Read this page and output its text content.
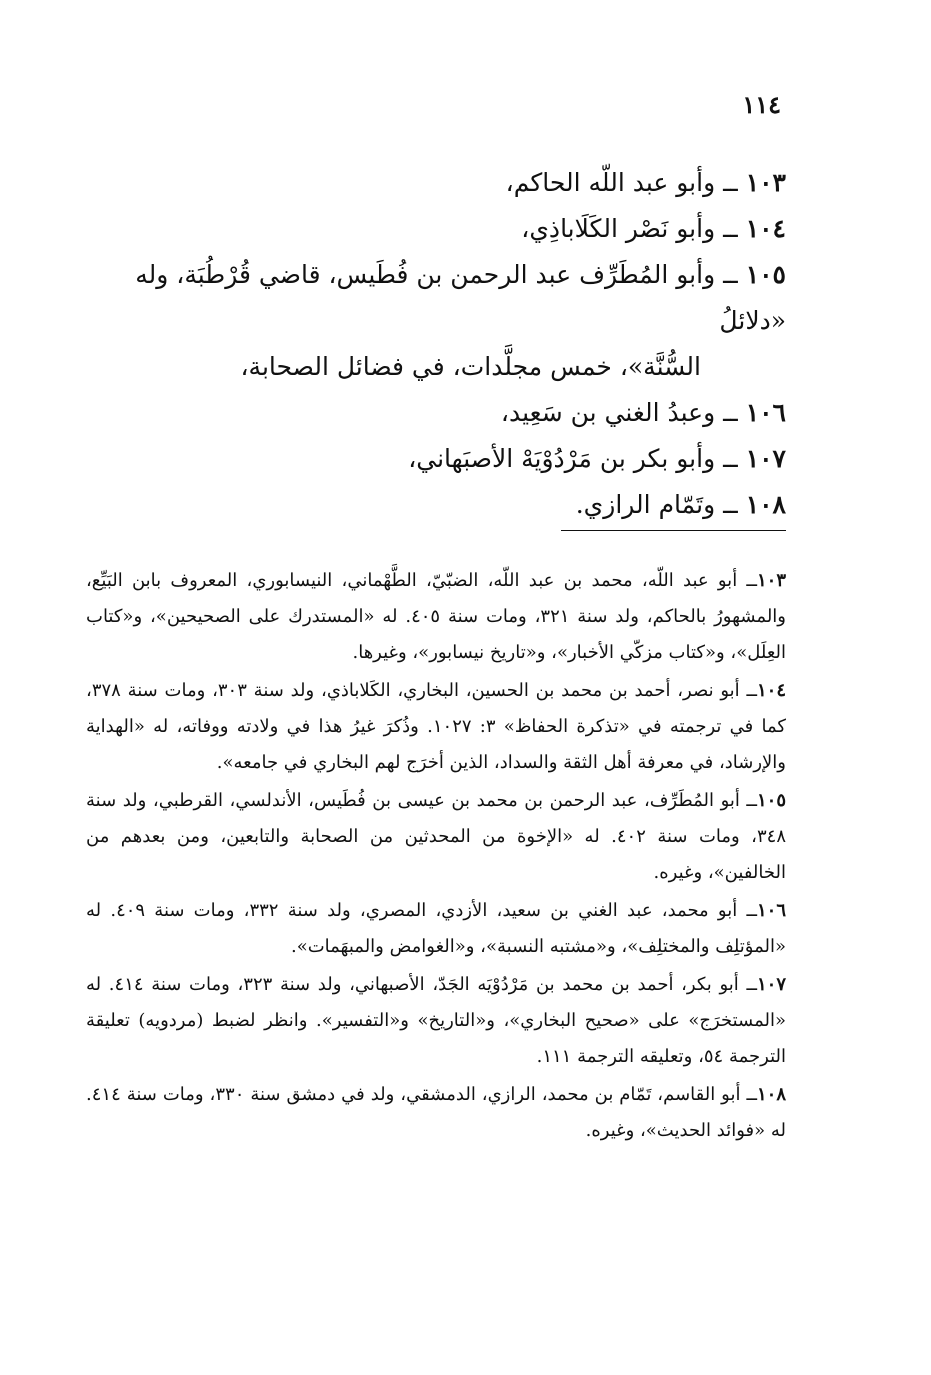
١١٤

١٠٣ ــ وأبو عبد اللّه الحاكم،

١٠٤ ــ وأبو نَصْر الكَلَاباذِي،

١٠٥ ــ وأبو المُطَرِّف عبد الرحمن بن فُطَيس، قاضي قُرْطُبَة، وله «دلائلُ
السُّنَّة»، خمس مجلَّدات، في فضائل الصحابة،

١٠٦ ــ وعبدُ الغني بن سَعِيد،

١٠٧ ــ وأبو بكر بن مَرْدُوْيَهْ الأصبَهاني،

١٠٨ ــ وتَمّام الرازي.

١٠٣ــ أبو عبد اللّه، محمد بن عبد اللّه، الضبّيّ، الطَّهْماني، النيسابوري، المعروف بابن البَيِّع، والمشهورُ بالحاكم، ولد سنة ٣٢١، ومات سنة ٤٠٥. له «المستدرك على الصحيحين»، و«كتاب العِلَل»، و«كتاب مزكّي الأخبار»، و«تاريخ نيسابور»، وغيرها.

١٠٤ــ أبو نصر، أحمد بن محمد بن الحسين، البخاري، الكَلاباذي، ولد سنة ٣٠٣، ومات سنة ٣٧٨، كما في ترجمته في «تذكرة الحفاظ» ٣: ١٠٢٧. وذُكرَ غيرُ هذا في ولادته ووفاته، له «الهداية والإرشاد، في معرفة أهل الثقة والسداد، الذين أخرَج لهم البخاري في جامعه».

١٠٥ــ أبو المُطَرِّف، عبد الرحمن بن محمد بن عيسى بن فُطَيس، الأندلسي، القرطبي، ولد سنة ٣٤٨، ومات سنة ٤٠٢. له «الإخوة من المحدثين من الصحابة والتابعين، ومن بعدهم من الخالفين»، وغيره.

١٠٦ــ أبو محمد، عبد الغني بن سعيد، الأزدي، المصري، ولد سنة ٣٣٢، ومات سنة ٤٠٩. له «المؤتلِف والمختلِف»، و«مشتبه النسبة»، و«الغوامض والمبهَمات».

١٠٧ــ أبو بكر، أحمد بن محمد بن مَرْدُوْيَه الجَدّ، الأصبهاني، ولد سنة ٣٢٣، ومات سنة ٤١٤. له «المستخرَج» على «صحيح البخاري»، و«التاريخ» و«التفسير». وانظر لضبط (مردويه) تعليقة الترجمة ٥٤، وتعليقه الترجمة ١١١.

١٠٨ــ أبو القاسم، تَمّام بن محمد، الرازي، الدمشقي، ولد في دمشق سنة ٣٣٠، ومات سنة ٤١٤. له «فوائد الحديث»، وغيره.
